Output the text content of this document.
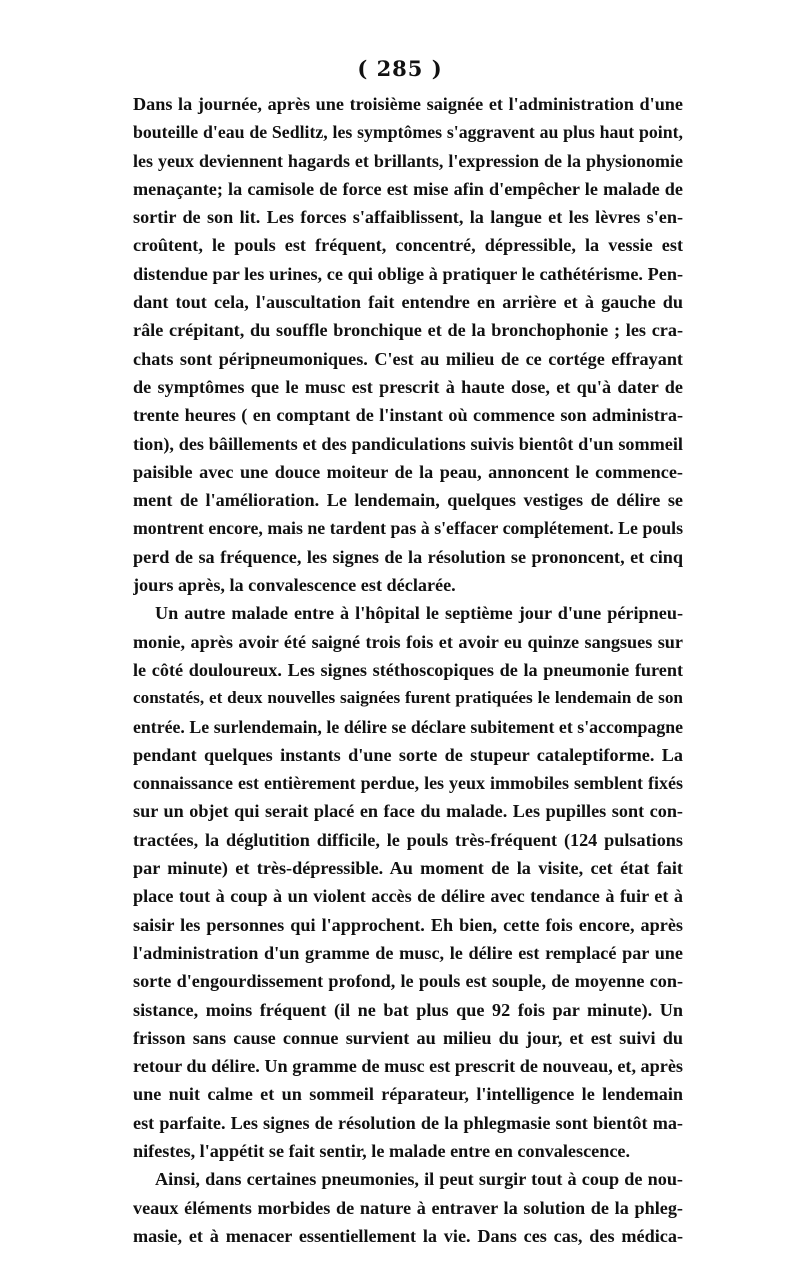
( 285 )
Dans la journée, après une troisième saignée et l'administration d'une
bouteille d'eau de Sedlitz, les symptômes s'aggravent au plus haut point,
les yeux deviennent hagards et brillants, l'expression de la physionomie
menaçante; la camisole de force est mise afin d'empêcher le malade de
sortir de son lit. Les forces s'affaiblissent, la langue et les lèvres s'en-
croûtent, le pouls est fréquent, concentré, dépressible, la vessie est
distendue par les urines, ce qui oblige à pratiquer le cathétérisme. Pen-
dant tout cela, l'auscultation fait entendre en arrière et à gauche du
râle crépitant, du souffle bronchique et de la bronchophonie ; les cra-
chats sont péripneumoniques. C'est au milieu de ce cortége effrayant
de symptômes que le musc est prescrit à haute dose, et qu'à dater de
trente heures ( en comptant de l'instant où commence son administra-
tion), des bâillements et des pandiculations suivis bientôt d'un sommeil
paisible avec une douce moiteur de la peau, annoncent le commence-
ment de l'amélioration. Le lendemain, quelques vestiges de délire se
montrent encore, mais ne tardent pas à s'effacer complétement. Le pouls
perd de sa fréquence, les signes de la résolution se prononcent, et cinq
jours après, la convalescence est déclarée.
Un autre malade entre à l'hôpital le septième jour d'une péripneu-
monie, après avoir été saigné trois fois et avoir eu quinze sangsues sur
le côté douloureux. Les signes stéthoscopiques de la pneumonie furent
constatés, et deux nouvelles saignées furent pratiquées le lendemain de son
entrée. Le surlendemain, le délire se déclare subitement et s'accompagne
pendant quelques instants d'une sorte de stupeur cataleptiforme. La
connaissance est entièrement perdue, les yeux immobiles semblent fixés
sur un objet qui serait placé en face du malade. Les pupilles sont con-
tractées, la déglutition difficile, le pouls très-fréquent (124 pulsations
par minute) et très-dépressible. Au moment de la visite, cet état fait
place tout à coup à un violent accès de délire avec tendance à fuir et à
saisir les personnes qui l'approchent. Eh bien, cette fois encore, après
l'administration d'un gramme de musc, le délire est remplacé par une
sorte d'engourdissement profond, le pouls est souple, de moyenne con-
sistance, moins fréquent (il ne bat plus que 92 fois par minute). Un
frisson sans cause connue survient au milieu du jour, et est suivi du
retour du délire. Un gramme de musc est prescrit de nouveau, et, après
une nuit calme et un sommeil réparateur, l'intelligence le lendemain
est parfaite. Les signes de résolution de la phlegmasie sont bientôt ma-
nifestes, l'appétit se fait sentir, le malade entre en convalescence.
Ainsi, dans certaines pneumonies, il peut surgir tout à coup de nou-
veaux éléments morbides de nature à entraver la solution de la phleg-
masie, et à menacer essentiellement la vie. Dans ces cas, des médica-
